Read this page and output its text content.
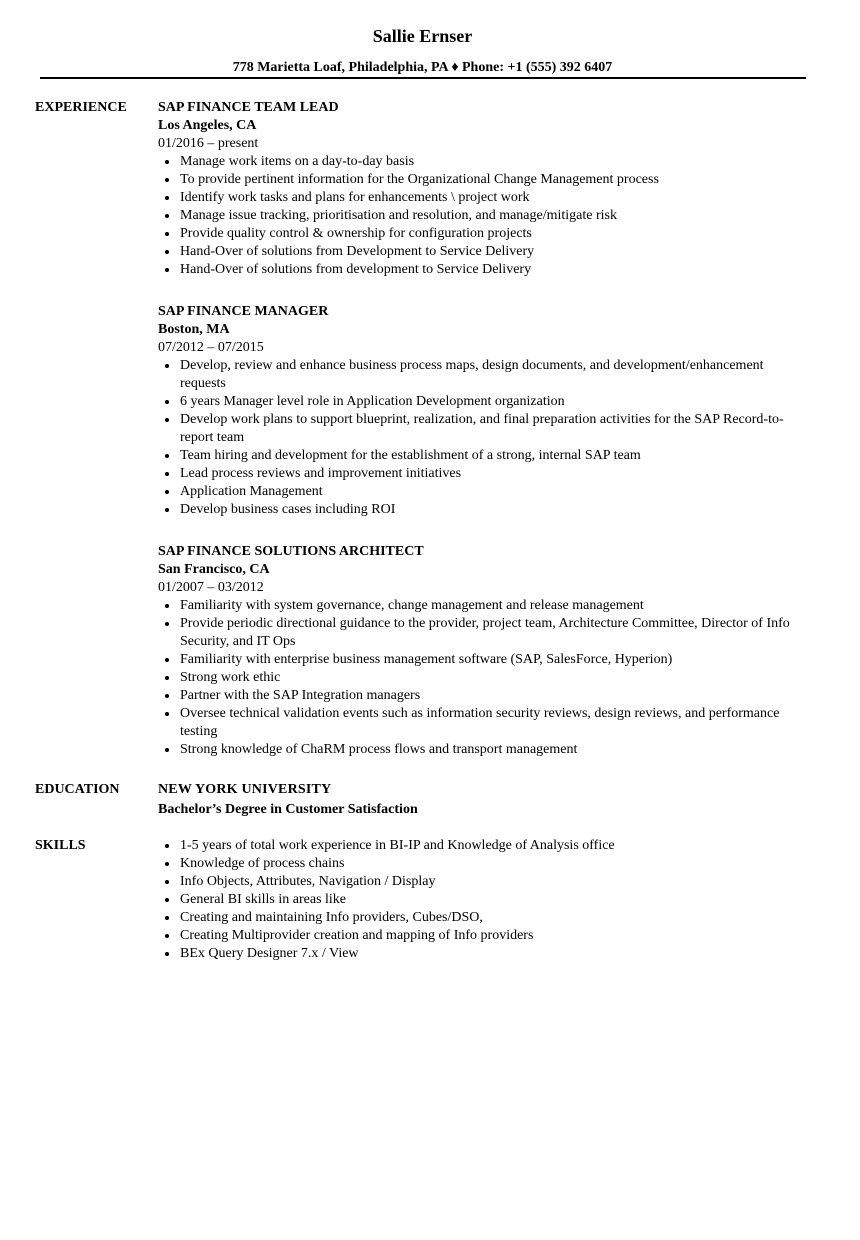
Sallie Ernser
778 Marietta Loaf, Philadelphia, PA ♦ Phone: +1 (555) 392 6407
EXPERIENCE SAP FINANCE TEAM LEAD
Los Angeles, CA
01/2016 – present
Manage work items on a day-to-day basis
To provide pertinent information for the Organizational Change Management process
Identify work tasks and plans for enhancements \ project work
Manage issue tracking, prioritisation and resolution, and manage/mitigate risk
Provide quality control & ownership for configuration projects
Hand-Over of solutions from Development to Service Delivery
Hand-Over of solutions from development to Service Delivery
SAP FINANCE MANAGER
Boston, MA
07/2012 – 07/2015
Develop, review and enhance business process maps, design documents, and development/enhancement requests
6 years Manager level role in Application Development organization
Develop work plans to support blueprint, realization, and final preparation activities for the SAP Record-to-report team
Team hiring and development for the establishment of a strong, internal SAP team
Lead process reviews and improvement initiatives
Application Management
Develop business cases including ROI
SAP FINANCE SOLUTIONS ARCHITECT
San Francisco, CA
01/2007 – 03/2012
Familiarity with system governance, change management and release management
Provide periodic directional guidance to the provider, project team, Architecture Committee, Director of Info Security, and IT Ops
Familiarity with enterprise business management software (SAP, SalesForce, Hyperion)
Strong work ethic
Partner with the SAP Integration managers
Oversee technical validation events such as information security reviews, design reviews, and performance testing
Strong knowledge of ChaRM process flows and transport management
EDUCATION	NEW YORK UNIVERSITY
Bachelor’s Degree in Customer Satisfaction
SKILLS	1-5 years of total work experience in BI-IP and Knowledge of Analysis office
Knowledge of process chains
Info Objects, Attributes, Navigation / Display
General BI skills in areas like
Creating and maintaining Info providers, Cubes/DSO,
Creating Multiprovider creation and mapping of Info providers
BEx Query Designer 7.x / View
